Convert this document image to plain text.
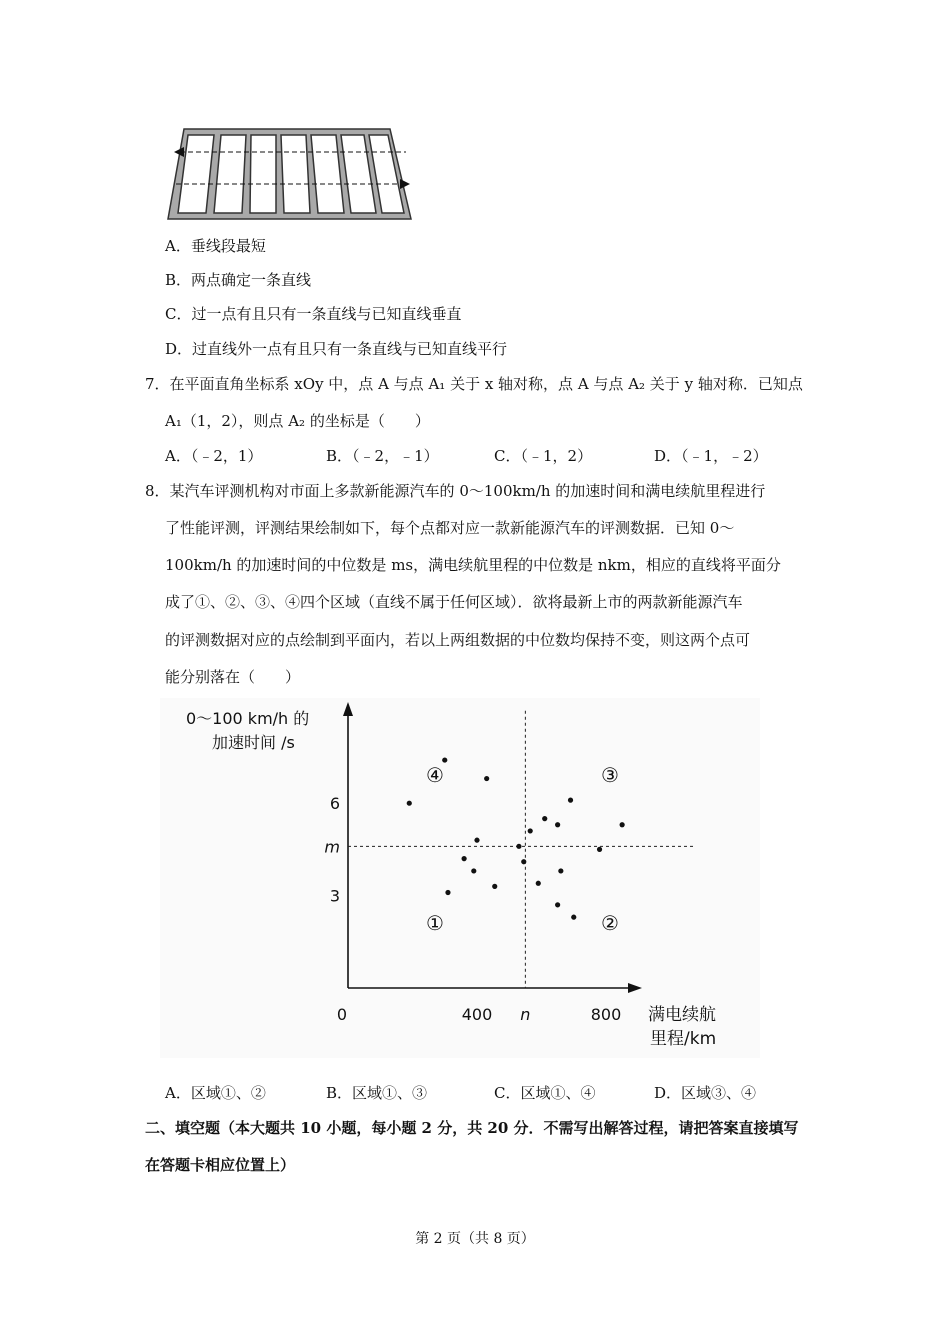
A．垂线段最短
B．两点确定一条直线
C．过一点有且只有一条直线与已知直线垂直
D．过直线外一点有且只有一条直线与已知直线平行
7．在平面直角坐标系 xOy 中，点 A 与点 A₁ 关于 x 轴对称，点 A 与点 A₂ 关于 y 轴对称．已知点
A₁（1，2），则点 A₂ 的坐标是（　　）
A．（﹣2，1）	B．（﹣2，﹣1）	C．（﹣1，2）	D．（﹣1，﹣2）
8．某汽车评测机构对市面上多款新能源汽车的 0～100km/h 的加速时间和满电续航里程进行
了性能评测，评测结果绘制如下，每个点都对应一款新能源汽车的评测数据．已知 0～
100km/h 的加速时间的中位数是 ms，满电续航里程的中位数是 nkm，相应的直线将平面分
成了①、②、③、④四个区域（直线不属于任何区域）．欲将最新上市的两款新能源汽车
的评测数据对应的点绘制到平面内，若以上两组数据的中位数均保持不变，则这两个点可
能分别落在（　　）
0～100 km/h 的
加速时间 /s
满电续航
里程/km
0	400 n	800
6
m
3
④	③
①	②
A．区域①、②	B．区域①、③	C．区域①、④	D．区域③、④
二、填空题（本大题共 10 小题，每小题 2 分，共 20 分．不需写出解答过程，请把答案直接填写
在答题卡相应位置上）
第 2 页（共 8 页）
